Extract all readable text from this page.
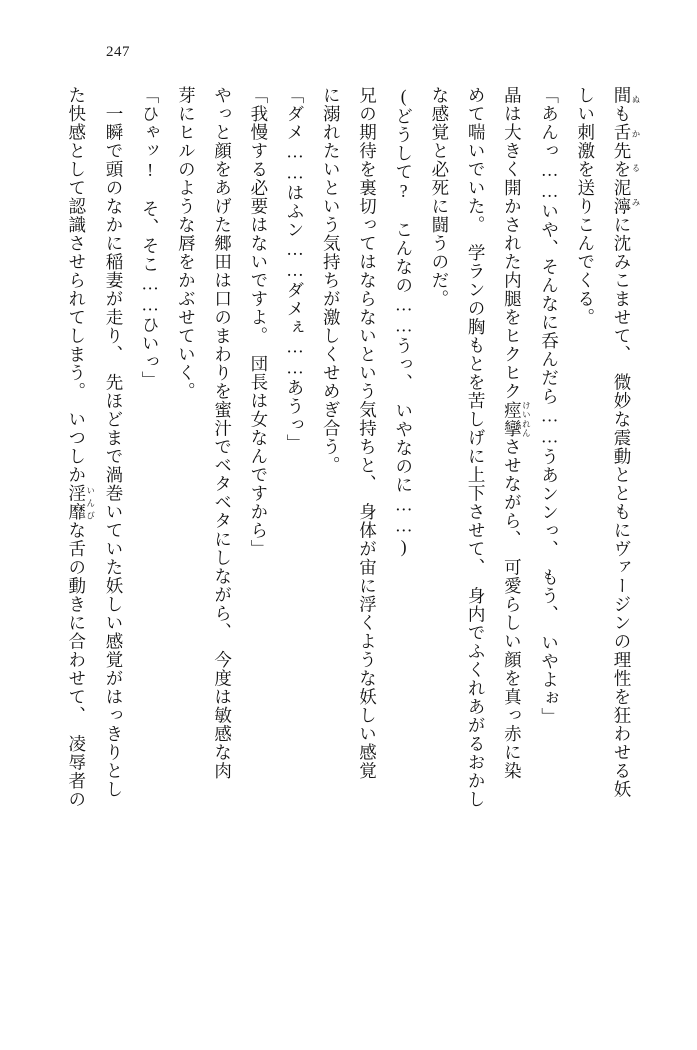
247
間も舌先を泥濘 ぬかるみに沈みこませて、　微妙な震動とともにヴァージンの理性を狂わせる妖
しい刺激を送りこんでくる。
「あんっ……いや、そんなに呑んだら……うあンンっ、　もう、　いやよぉ」
晶は大きく開かされた内腿をヒクヒク痙攣 けいれんさせながら、　可愛らしい顔を真っ赤に染
めて喘いでいた。　学ランの胸もとを苦しげに上下させて、　身内でふくれあがるおかし
な感覚と必死に闘うのだ。
(どうして?　こんなの……うっ、　いやなのに……)
兄の期待を裏切ってはならないという気持ちと、　身体が宙に浮くような妖しい感覚
に溺れたいという気持ちが激しくせめぎ合う。
「ダメ……はふン……ダメぇ……あうっ」
「我慢する必要はないですよ。　団長は女なんですから」
やっと顔をあげた郷田は口のまわりを蜜汁でベタベタにしながら、　今度は敏感な肉
芽にヒルのような唇をかぶせていく。
「ひゃッ!　そ、そこ……ひいっ」
　一瞬で頭のなかに稲妻が走り、　先ほどまで渦巻いていた妖しい感覚がはっきりとし
た快感として認識させられてしまう。　いつしか淫靡 いんびな舌の動きに合わせて、　凌辱者の
